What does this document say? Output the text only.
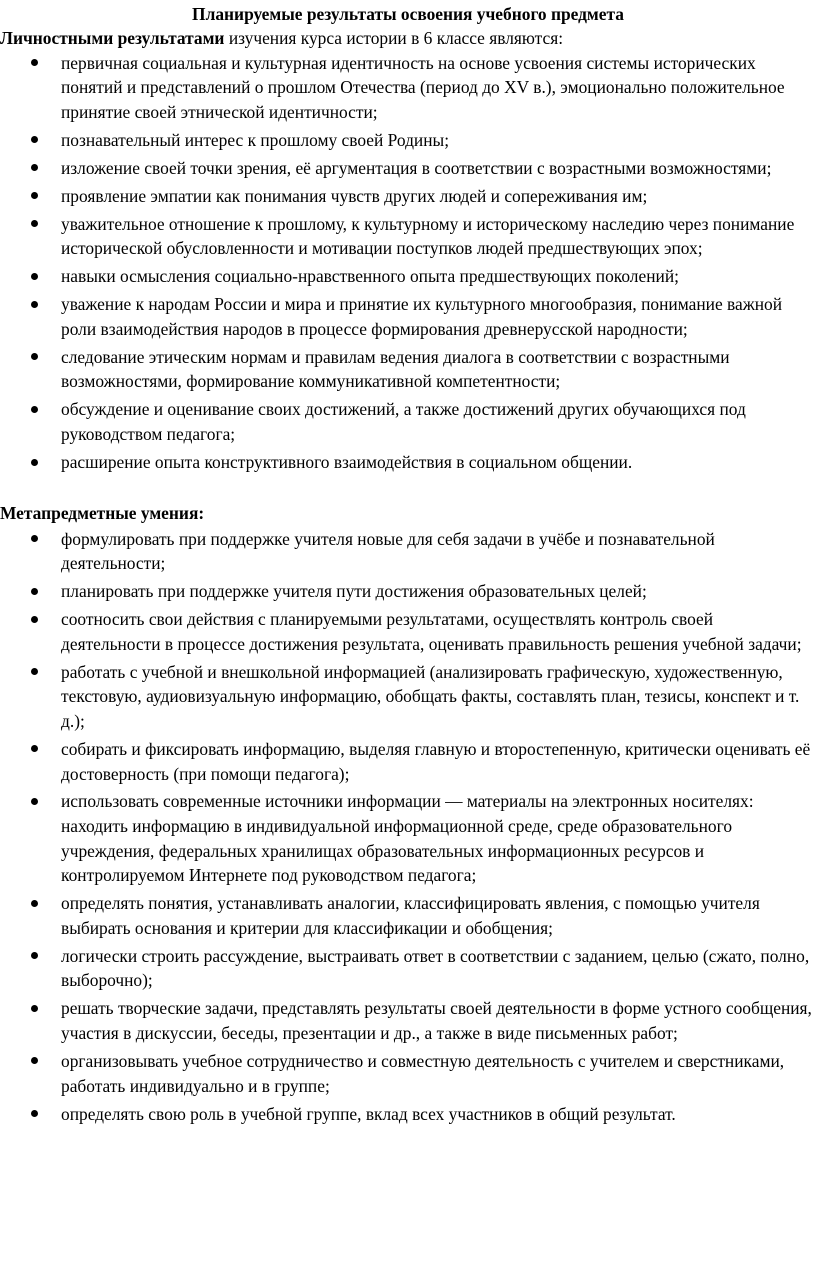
Планируемые результаты освоения учебного предмета

Личностными результатами изучения курса истории в 6 классе являются:

первичная социальная и культурная идентичность на основе усвоения системы исторических понятий и представлений о прошлом Отечества (период до XV в.), эмоционально положительное принятие своей этнической идентичности;
познавательный интерес к прошлому своей Родины;
изложение своей точки зрения, её аргументация в соответствии с возрастными возможностями;
проявление эмпатии как понимания чувств других людей и сопереживания им;
уважительное отношение к прошлому, к культурному и историческому наследию через понимание исторической обусловленности и мотивации поступков людей предшествующих эпох;
навыки осмысления социально-нравственного опыта предшествующих поколений;
уважение к народам России и мира и принятие их культурного многообразия, понимание важной роли взаимодействия народов в процессе формирования древнерусской народности;
следование этическим нормам и правилам ведения диалога в соответствии с возрастными возможностями, формирование коммуникативной компетентности;
обсуждение и оценивание своих достижений, а также достижений других обучающихся под руководством педагога;
расширение опыта конструктивного взаимодействия в социальном общении.
Метапредметные умения:
формулировать при поддержке учителя новые для себя задачи в учёбе и познавательной деятельности;
планировать при поддержке учителя пути достижения образовательных целей;
соотносить свои действия с планируемыми результатами, осуществлять контроль своей деятельности в процессе достижения результата, оценивать правильность решения учебной задачи;
работать с учебной и внешкольной информацией (анализировать графическую, художественную, текстовую, аудиовизуальную информацию, обобщать факты, составлять план, тезисы, конспект и т. д.);
собирать и фиксировать информацию, выделяя главную и второстепенную, критически оценивать её достоверность (при помощи педагога);
использовать современные источники информации — материалы на электронных носителях: находить информацию в индивидуальной информационной среде, среде образовательного учреждения, федеральных хранилищах образовательных информационных ресурсов и контролируемом Интернете под руководством педагога;
определять понятия, устанавливать аналогии, классифицировать явления, с помощью учителя выбирать основания и критерии для классификации и обобщения;
логически строить рассуждение, выстраивать ответ в соответствии с заданием, целью (сжато, полно, выборочно);
решать творческие задачи, представлять результаты своей деятельности в форме устного сообщения, участия в дискуссии, беседы, презентации и др., а также в виде письменных работ;
организовывать учебное сотрудничество и совместную деятельность с учителем и сверстниками, работать индивидуально и в группе;
определять свою роль в учебной группе, вклад всех участников в общий результат.
